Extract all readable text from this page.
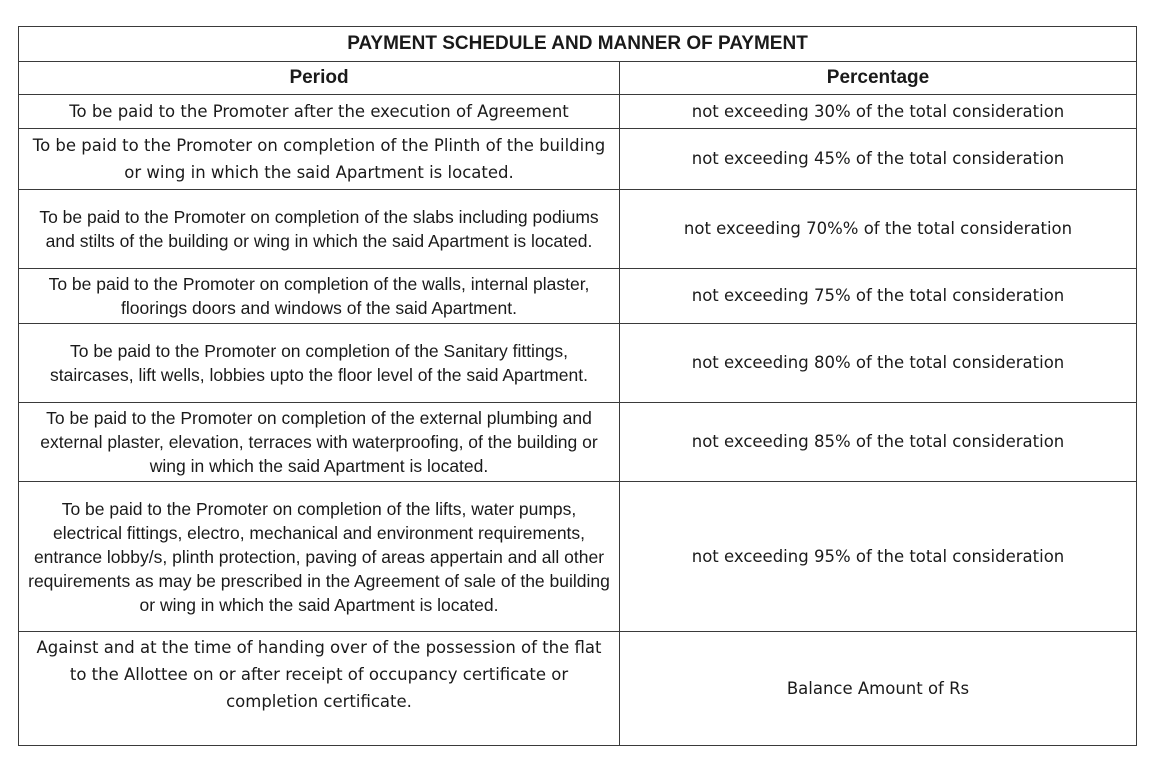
PAYMENT SCHEDULE AND MANNER OF PAYMENT	
Period	Percentage
To be paid to the Promoter after the execution of Agreement	not exceeding 30% of the total consideration
To be paid to the Promoter on completion of the Plinth of the building or wing in which the said Apartment is located.	not exceeding 45% of the total consideration
To be paid to the Promoter on completion of the slabs including podiums and stilts of the building or wing in which the said Apartment is located.	not exceeding 70%% of the total consideration
To be paid to the Promoter on completion of the walls, internal plaster, floorings doors and windows of the said Apartment.	not exceeding 75% of the total consideration
To be paid to the Promoter on completion of the Sanitary fittings, staircases, lift wells, lobbies upto the floor level of the said Apartment.	not exceeding 80% of the total consideration
To be paid to the Promoter on completion of the external plumbing and external plaster, elevation, terraces with waterproofing, of the building or wing in which the said Apartment is located.	not exceeding 85% of the total consideration
To be paid to the Promoter on completion of the lifts, water pumps, electrical fittings, electro, mechanical and environment requirements, entrance lobby/s, plinth protection, paving of areas appertain and all other requirements as may be prescribed in the Agreement of sale of the building or wing in which the said Apartment is located.	not exceeding 95% of the total consideration
Against and at the time of handing over of the possession of the flat to the Allottee on or after receipt of occupancy certificate or completion certificate.	Balance Amount of Rs
